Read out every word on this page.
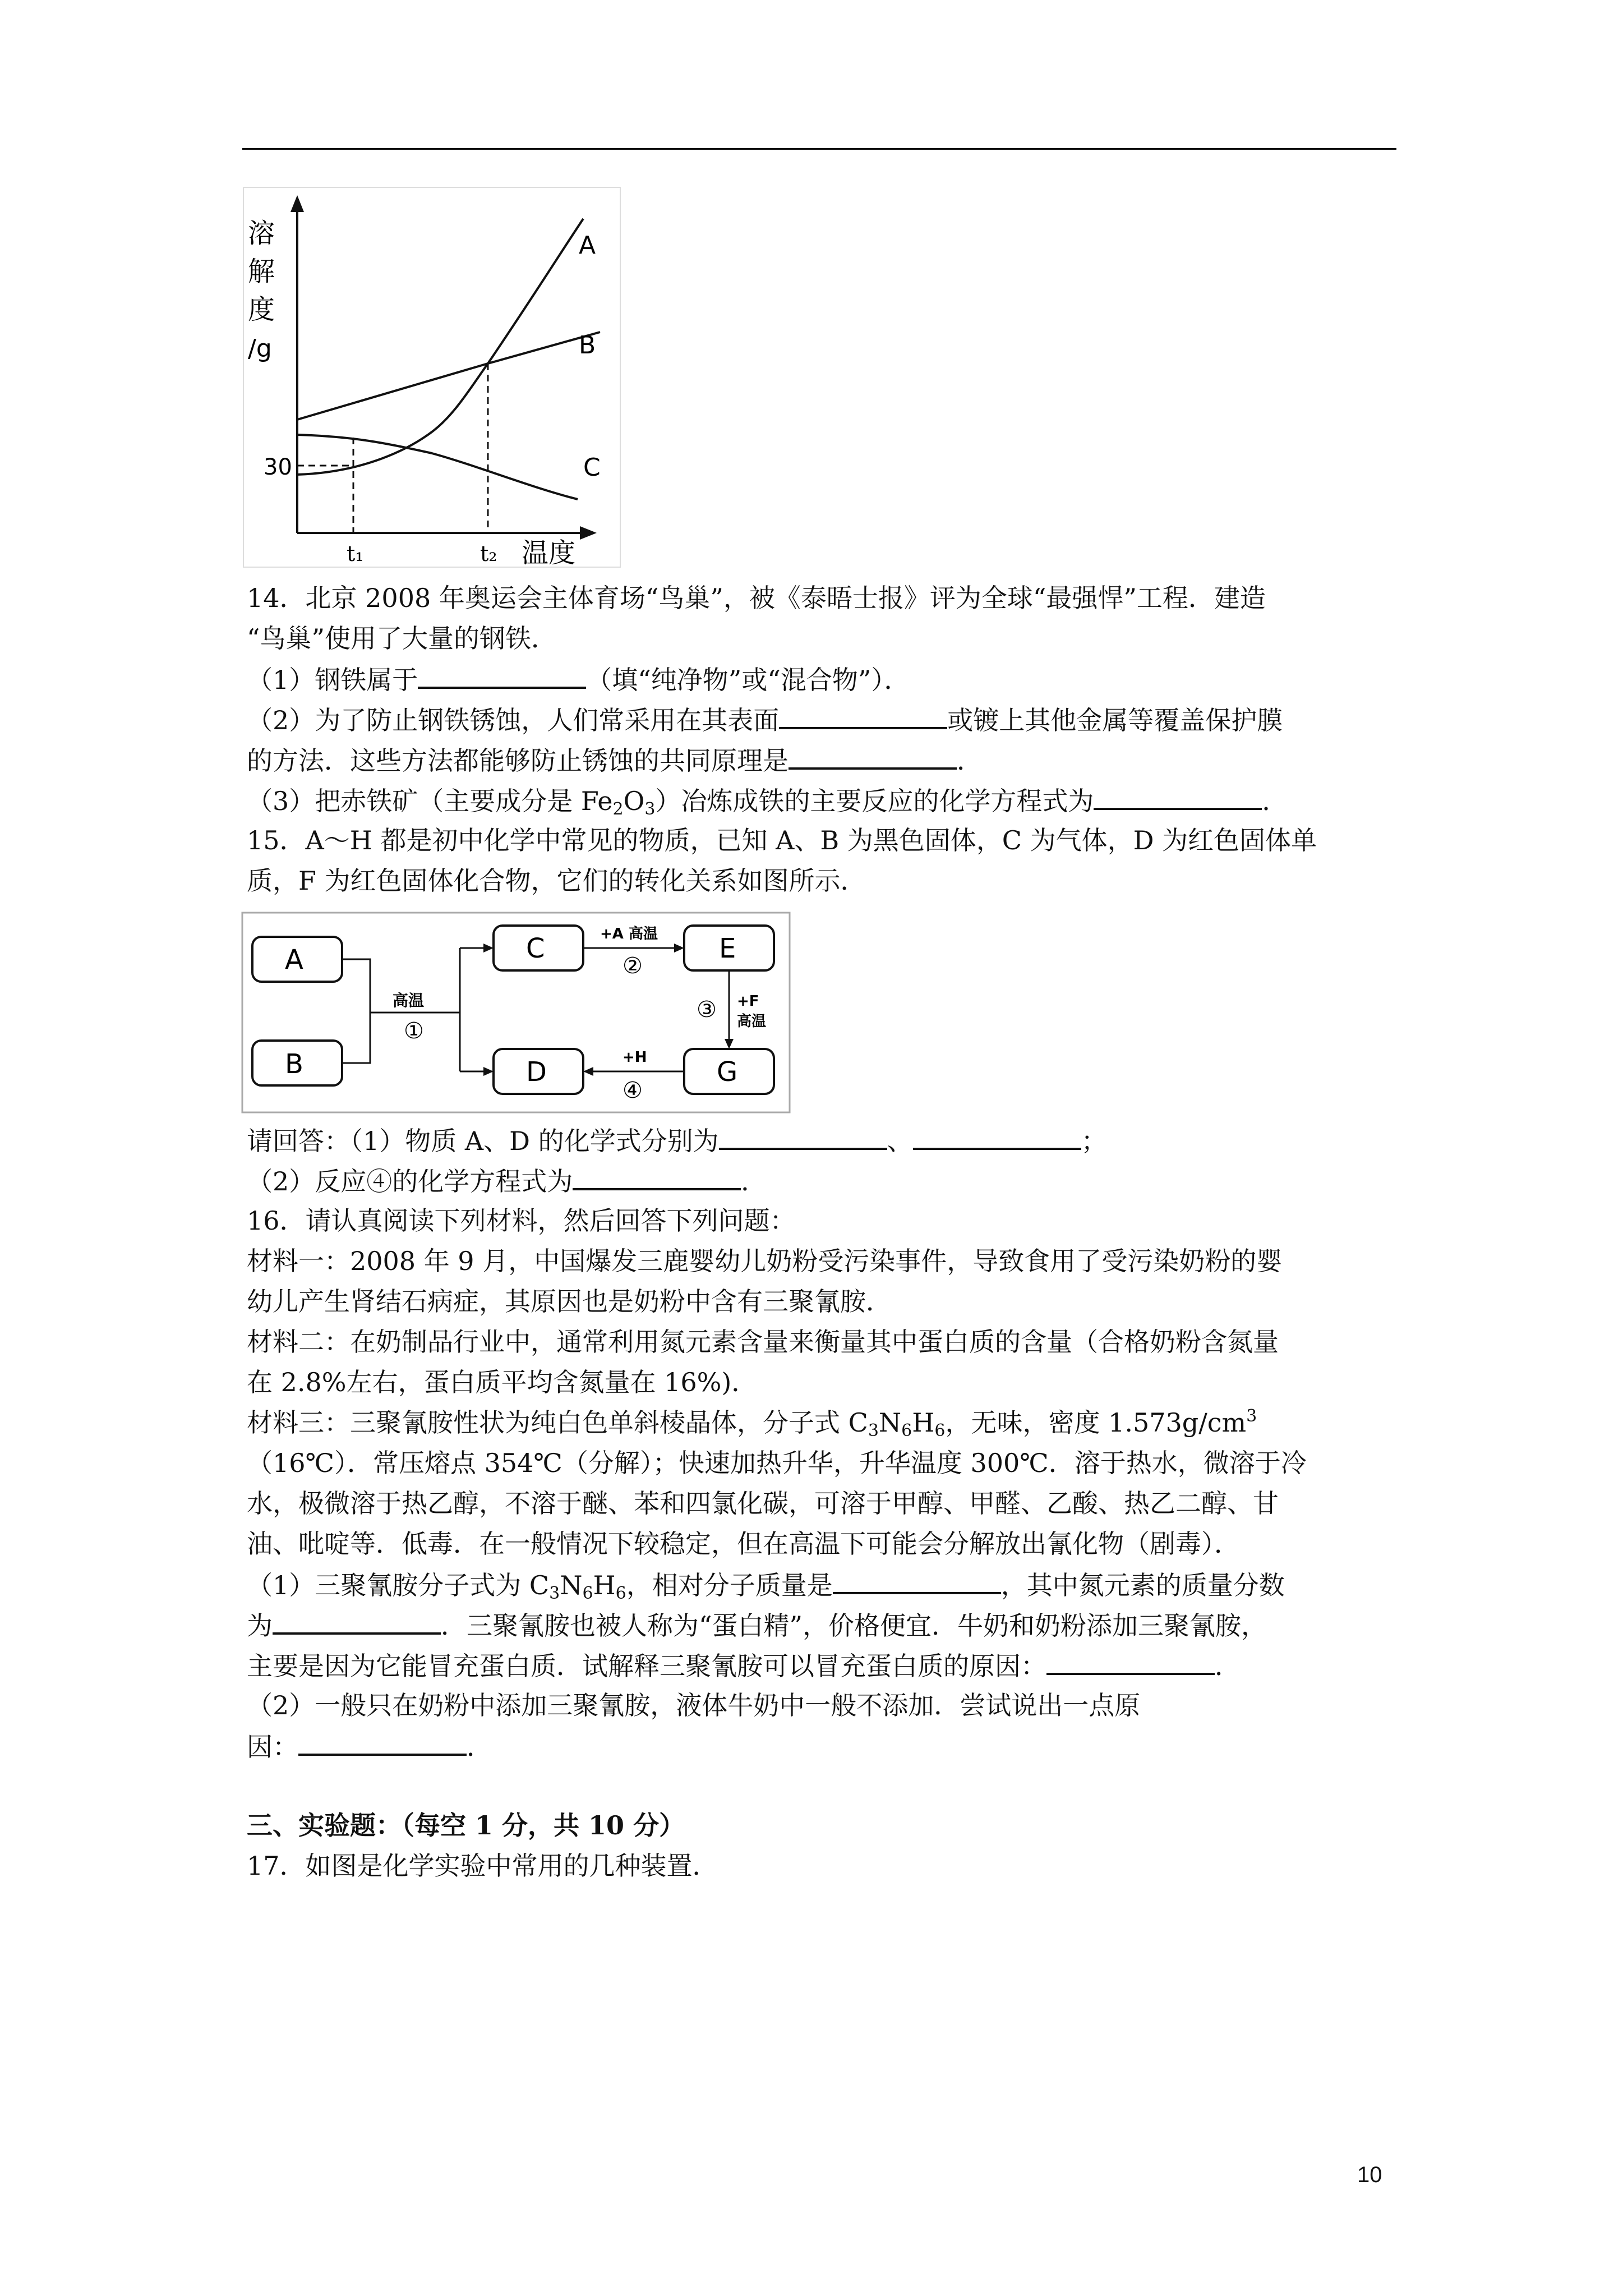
溶
解
度
/g
A
B
C
30
t₁	t₂ 温度
14．北京 2008 年奥运会主体育场“鸟巢”，被《泰晤士报》评为全球“最强悍”工程．建造
“鸟巢”使用了大量的钢铁．
（1）钢铁属于	（填“纯净物”或“混合物”）．
（2）为了防止钢铁锈蚀，人们常采用在其表面	或镀上其他金属等覆盖保护膜
的方法．这些方法都能够防止锈蚀的共同原理是	．
（3）把赤铁矿（主要成分是 $Fe_2O_3$）冶炼成铁的主要反应的化学方程式为	．
15．A～H 都是初中化学中常见的物质，已知 A、B 为黑色固体，C 为气体，D 为红色固体单
质，F 为红色固体化合物，它们的转化关系如图所示．
A
B
C
D
E
G
高温
①
+A 高温
②
③ +F
高温
+H
④
请回答：（1）物质 A、D 的化学式分别为	、	；
（2）反应④的化学方程式为	．
16．请认真阅读下列材料，然后回答下列问题：
材料一：2008 年 9 月，中国爆发三鹿婴幼儿奶粉受污染事件，导致食用了受污染奶粉的婴
幼儿产生肾结石病症，其原因也是奶粉中含有三聚氰胺．
材料二：在奶制品行业中，通常利用氮元素含量来衡量其中蛋白质的含量（合格奶粉含氮量
在 2.8%左右，蛋白质平均含氮量在 16%)．
材料三：三聚氰胺性状为纯白色单斜棱晶体，分子式 $C_3N_6H_6$，无味，密度 $1.573g/cm^3$
（16℃）．常压熔点 354℃（分解）；快速加热升华，升华温度 300℃．溶于热水，微溶于冷
水，极微溶于热乙醇，不溶于醚、苯和四氯化碳，可溶于甲醇、甲醛、乙酸、热乙二醇、甘
油、吡啶等．低毒．在一般情况下较稳定，但在高温下可能会分解放出氰化物（剧毒）．
（1）三聚氰胺分子式为 $C_3N_6H_6$，相对分子质量是	，其中氮元素的质量分数
为	．三聚氰胺也被人称为“蛋白精”，价格便宜．牛奶和奶粉添加三聚氰胺，
主要是因为它能冒充蛋白质．试解释三聚氰胺可以冒充蛋白质的原因：	．
（2）一般只在奶粉中添加三聚氰胺，液体牛奶中一般不添加．尝试说出一点原
因：	．
三、实验题：（每空 1 分，共 10 分）
17．如图是化学实验中常用的几种装置．
10
